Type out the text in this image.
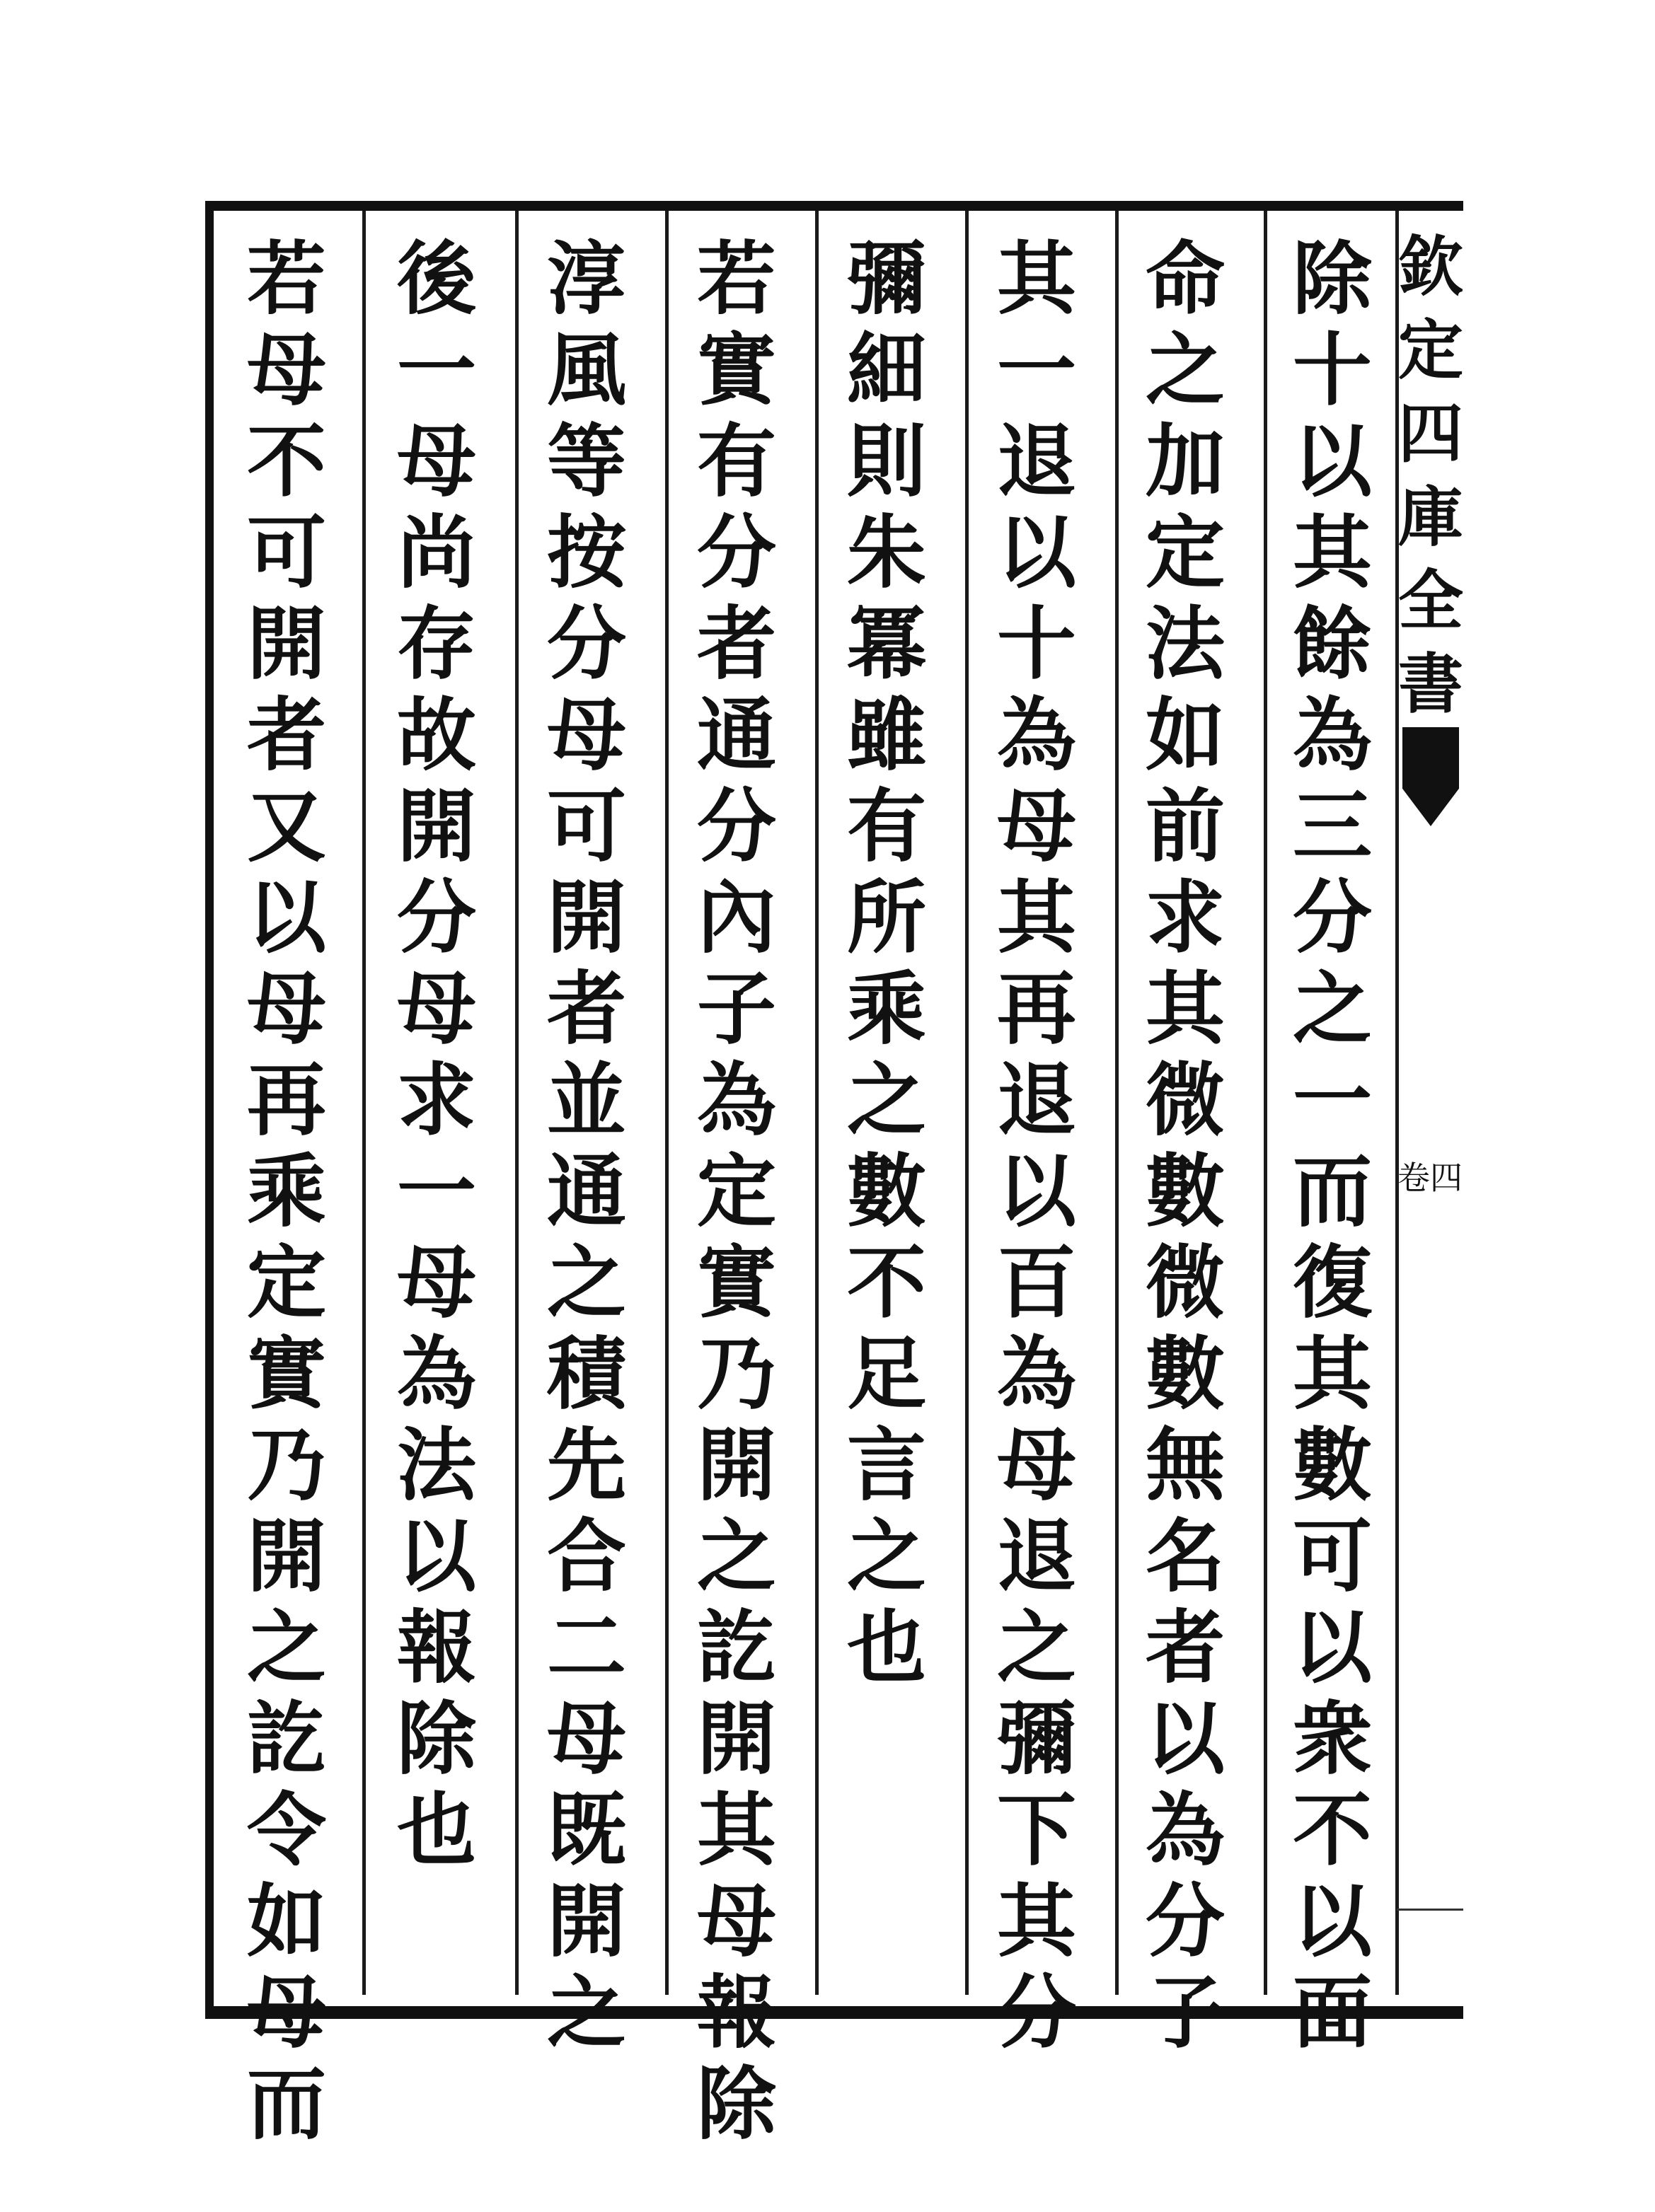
除
十
以
其
餘
為
三
分
之
一
而
復
其
數
可
以
衆
不
以
面
命
之
加
定
法
如
前
求
其
微
數
微
數
無
名
者
以
為
分
子
其
一
退
以
十
為
母
其
再
退
以
百
為
母
退
之
彌
下
其
分
彌
細
則
朱
冪
雖
有
所
乘
之
數
不
足
言
之
也
若
實
有
分
者
通
分
內
子
為
定
實
乃
開
之
訖
開
其
母
報
除
淳
風
等
按
分
母
可
開
者
並
通
之
積
先
合
二
母
既
開
之
後
一
母
尚
存
故
開
分
母
求
一
母
為
法
以
報
除
也
若
母
不
可
開
者
又
以
母
再
乘
定
實
乃
開
之
訖
令
如
母
而
欽
定
四
庫
全
書
卷四
